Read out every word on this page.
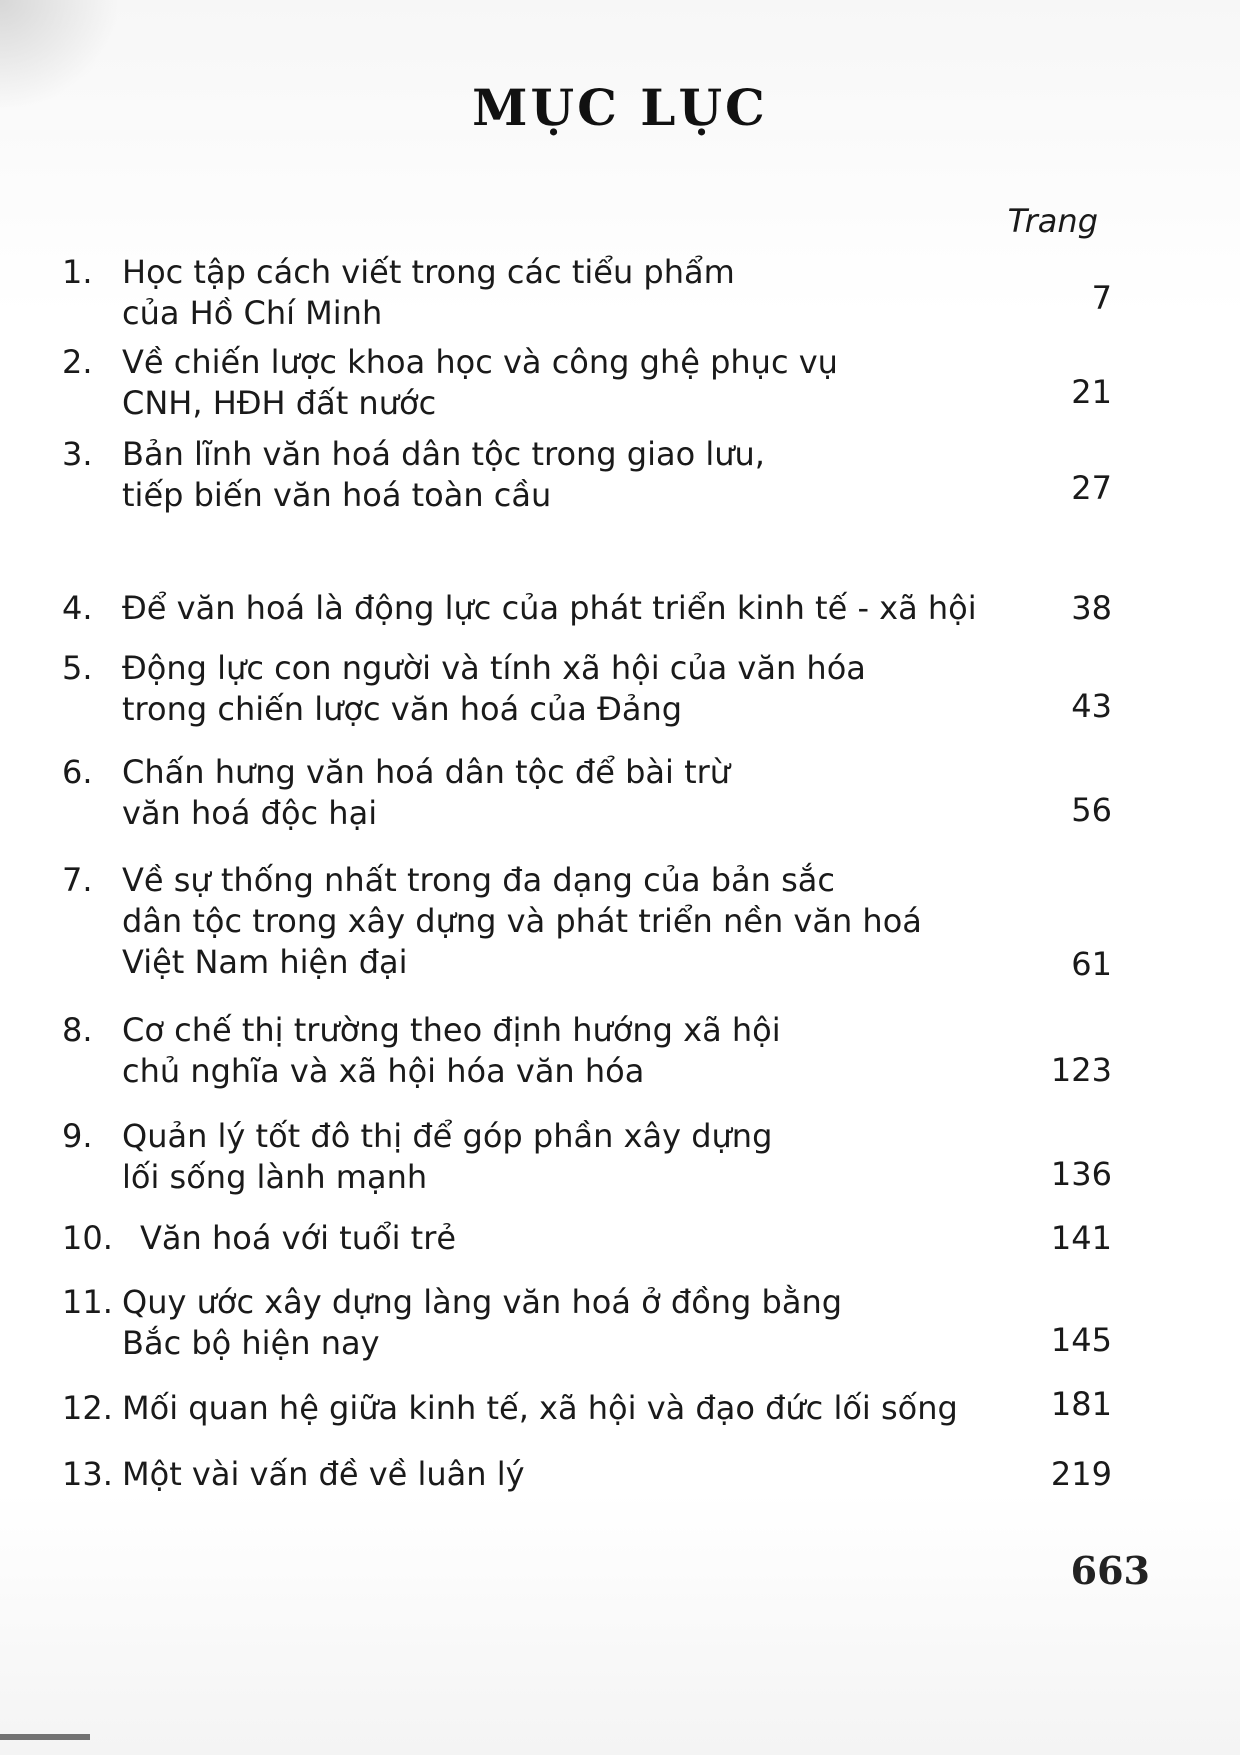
MỤC LỤC
Trang
1. Học tập cách viết trong các tiểu phẩm
của Hồ Chí Minh	7
2. Về chiến lược khoa học và công ghệ phục vụ
CNH, HĐH đất nước	21
3. Bản lĩnh văn hoá dân tộc trong giao lưu,
tiếp biến văn hoá toàn cầu	27
4. Để văn hoá là động lực của phát triển kinh tế - xã hội	38
5. Động lực con người và tính xã hội của văn hóa
trong chiến lược văn hoá của Đảng	43
6. Chấn hưng văn hoá dân tộc để bài trừ
văn hoá độc hại	56
7. Về sự thống nhất trong đa dạng của bản sắc
dân tộc trong xây dựng và phát triển nền văn hoá
Việt Nam hiện đại	61
8. Cơ chế thị trường theo định hướng xã hội
chủ nghĩa và xã hội hóa văn hóa	123
9. Quản lý tốt đô thị để góp phần xây dựng
lối sống lành mạnh	136
10. Văn hoá với tuổi trẻ	141
11. Quy ước xây dựng làng văn hoá ở đồng bằng
Bắc bộ hiện nay	145
12. Mối quan hệ giữa kinh tế, xã hội và đạo đức lối sống	181
13. Một vài vấn đề về luân lý	219
663
